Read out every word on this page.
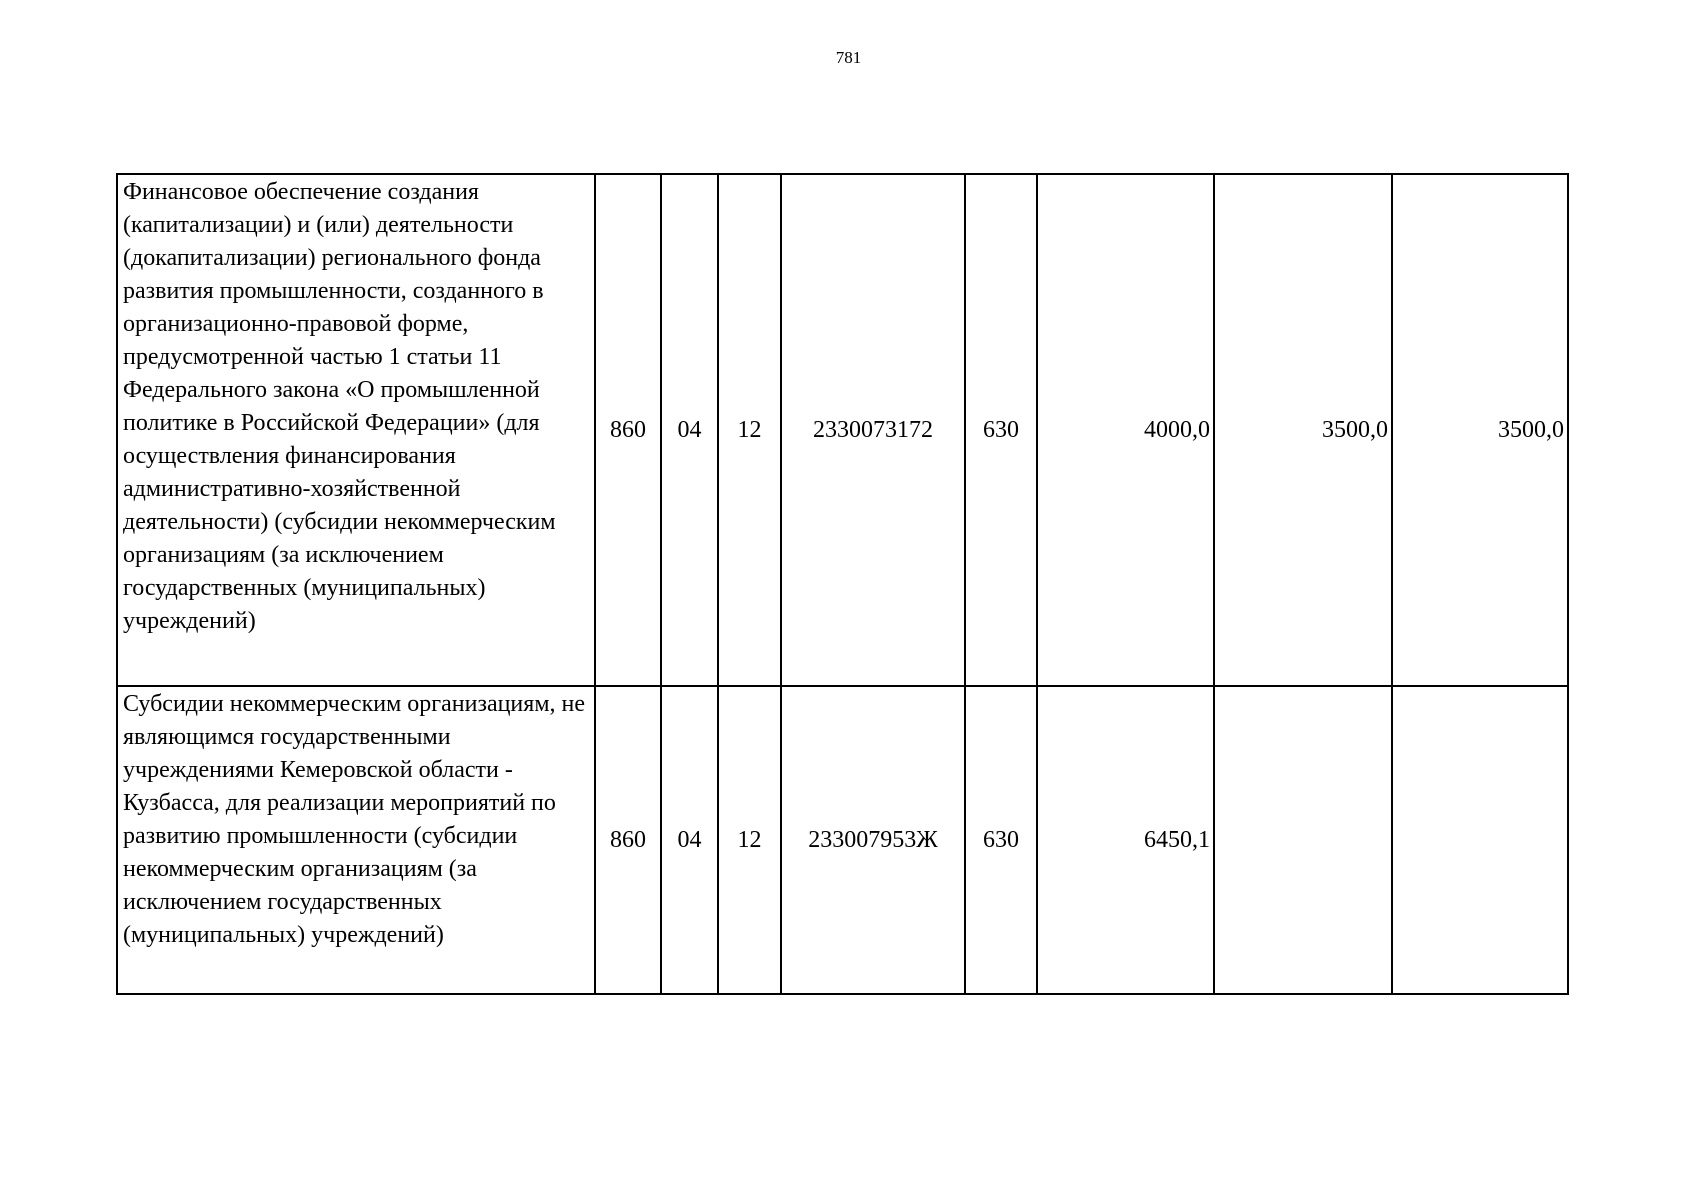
781
Финансовое обеспечение создания (капитализации) и (или) деятельности (докапитализации) регионального фонда развития промышленности, созданного в организационно-правовой форме, предусмотренной частью 1 статьи 11 Федерального закона «О промышленной политике в Российской Федерации» (для осуществления финансирования административно-хозяйственной деятельности) (субсидии некоммерческим организациям (за исключением государственных (муниципальных) учреждений)	860	04	12	2330073172	630	4000,0	3500,0	3500,0
Субсидии некоммерческим организациям, не являющимся государственными учреждениями Кемеровской области - Кузбасса, для реализации мероприятий по развитию промышленности (субсидии некоммерческим организациям (за исключением государственных (муниципальных) учреждений)	860	04	12	233007953Ж	630	6450,1		
